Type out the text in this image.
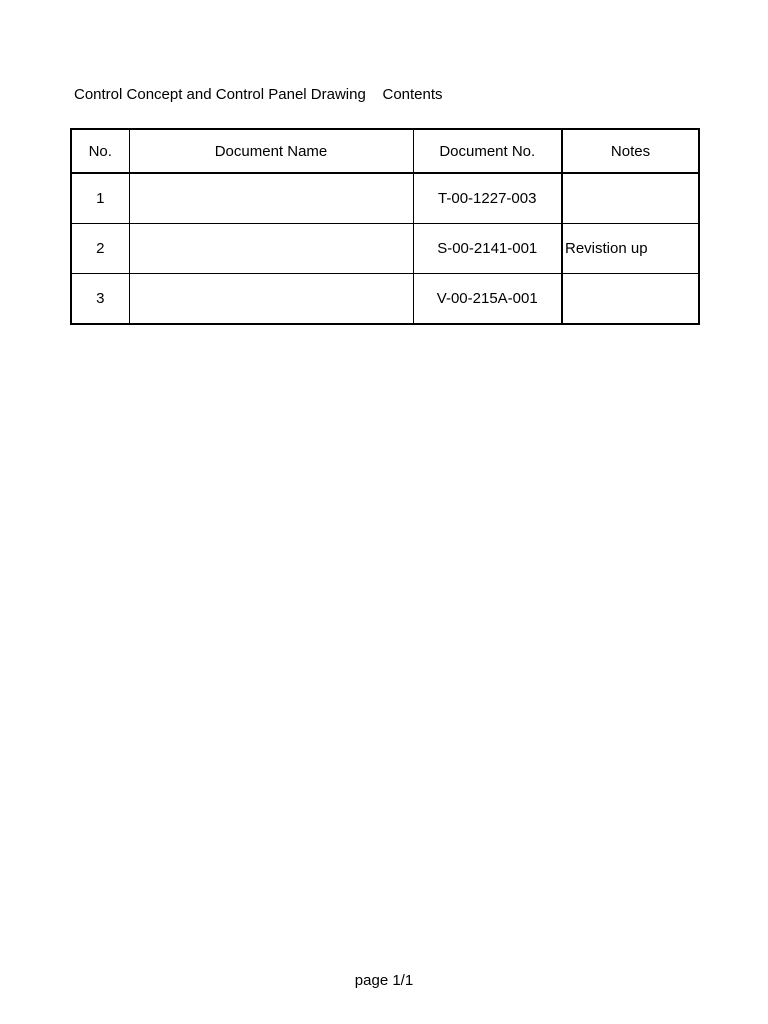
Control Concept and Control Panel Drawing    Contents
No.	Document Name	Document No.	Notes
1		T-00-1227-003	
2		S-00-2141-001	Revistion up
3		V-00-215A-001	
page 1/1
